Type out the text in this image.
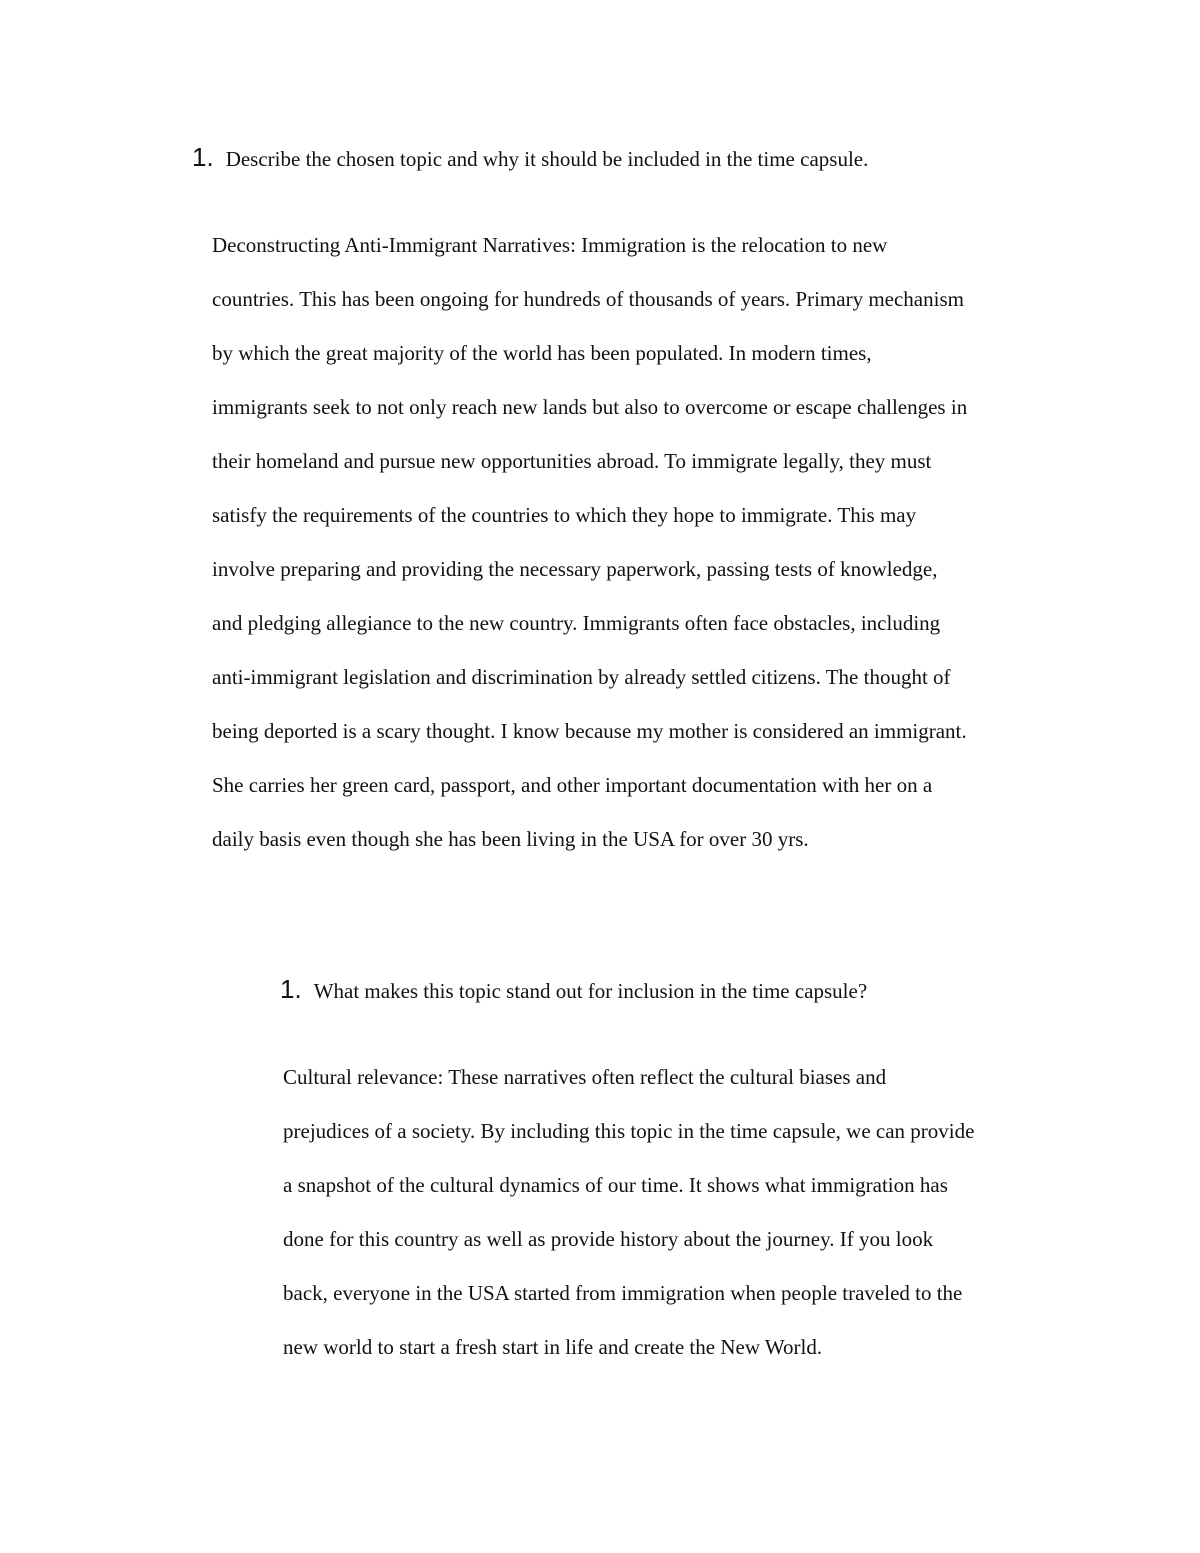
1. Describe the chosen topic and why it should be included in the time capsule.
Deconstructing Anti-Immigrant Narratives: Immigration is the relocation to new
countries. This has been ongoing for hundreds of thousands of years. Primary mechanism
by which the great majority of the world has been populated. In modern times,
immigrants seek to not only reach new lands but also to overcome or escape challenges in
their homeland and pursue new opportunities abroad. To immigrate legally, they must
satisfy the requirements of the countries to which they hope to immigrate. This may
involve preparing and providing the necessary paperwork, passing tests of knowledge,
and pledging allegiance to the new country. Immigrants often face obstacles, including
anti-immigrant legislation and discrimination by already settled citizens. The thought of
being deported is a scary thought. I know because my mother is considered an immigrant.
She carries her green card, passport, and other important documentation with her on a
daily basis even though she has been living in the USA for over 30 yrs.
1. What makes this topic stand out for inclusion in the time capsule?
Cultural relevance: These narratives often reflect the cultural biases and
prejudices of a society. By including this topic in the time capsule, we can provide
a snapshot of the cultural dynamics of our time. It shows what immigration has
done for this country as well as provide history about the journey. If you look
back, everyone in the USA started from immigration when people traveled to the
new world to start a fresh start in life and create the New World.
